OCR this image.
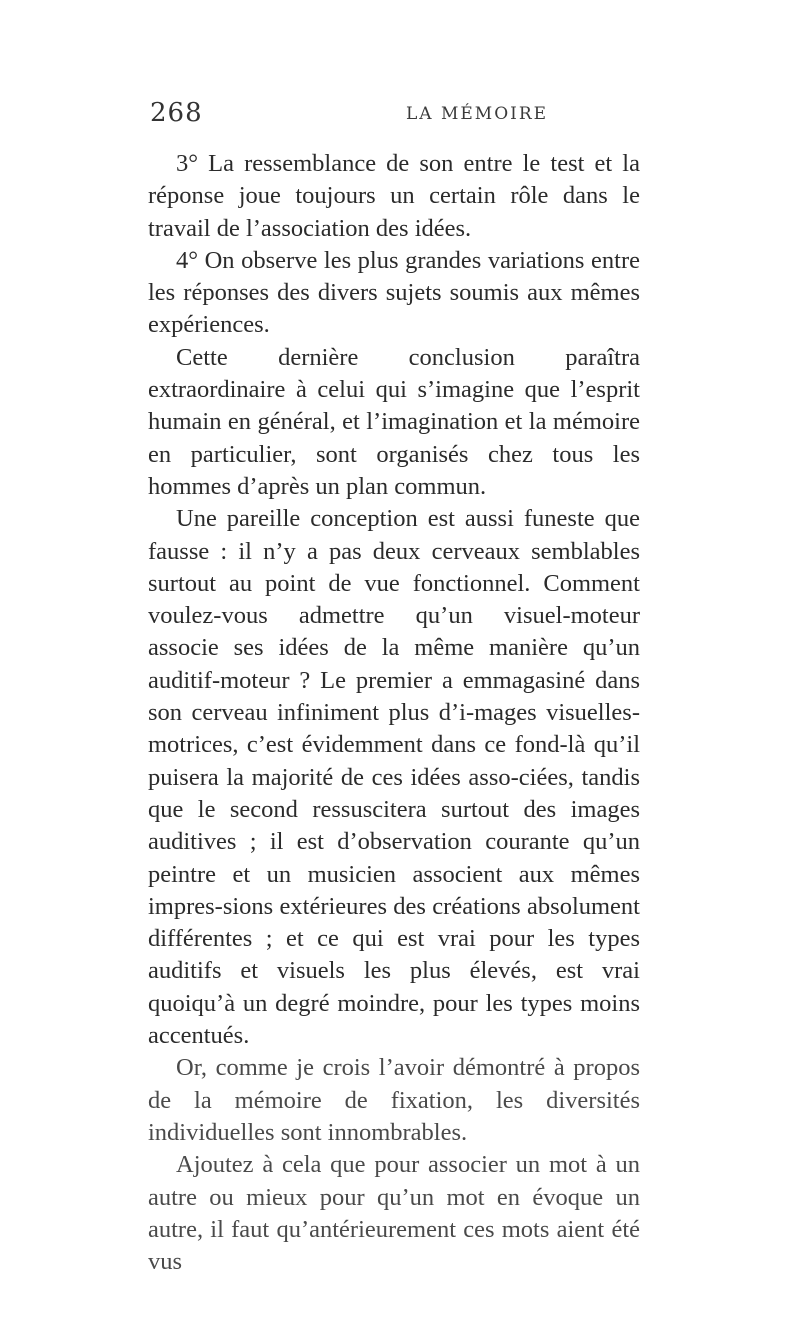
268	LA MÉMOIRE

3° La ressemblance de son entre le test et la réponse joue toujours un certain rôle dans le travail de l’association des idées.

4° On observe les plus grandes variations entre les réponses des divers sujets soumis aux mêmes expériences.

Cette dernière conclusion paraîtra extraordinaire à celui qui s’imagine que l’esprit humain en général, et l’imagination et la mémoire en particulier, sont organisés chez tous les hommes d’après un plan commun.

Une pareille conception est aussi funeste que fausse : il n’y a pas deux cerveaux semblables surtout au point de vue fonctionnel. Comment voulez-vous admettre qu’un visuel-moteur associe ses idées de la même manière qu’un auditif-moteur ? Le premier a emmagasiné dans son cerveau infiniment plus d’i-mages visuelles-motrices, c’est évidemment dans ce fond-là qu’il puisera la majorité de ces idées asso-ciées, tandis que le second ressuscitera surtout des images auditives ; il est d’observation courante qu’un peintre et un musicien associent aux mêmes impres-sions extérieures des créations absolument différentes ; et ce qui est vrai pour les types auditifs et visuels les plus élevés, est vrai quoiqu’à un degré moindre, pour les types moins accentués.

Or, comme je crois l’avoir démontré à propos de la mémoire de fixation, les diversités individuelles sont innombrables.

Ajoutez à cela que pour associer un mot à un autre ou mieux pour qu’un mot en évoque un autre, il faut qu’antérieurement ces mots aient été vus
